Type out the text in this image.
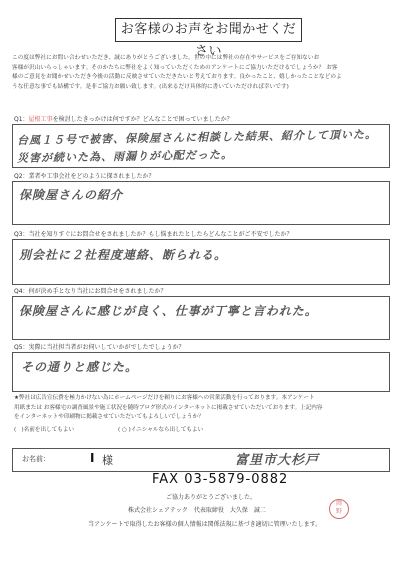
お客様のお声をお聞かせください
この度は弊社にお問い合わせいただき、誠にありがとうございました。世の中には弊社の存在やサービスをご存知ないお
客様が沢山いらっしゃいます。そのかたちに弊社をよく知っていただくためのアンケートにご協力いただけるでしょうか？ お客
様のご意見をお聞かせいただき今後の活動に反映させていただきたいと考えております。良かったこと、嬉しかったことなどのよ
うな任意な事でも結構です。是非ご協力お願い致します。(出来るだけ具体的に書いていただければ幸いです)
Q1：屋根工事を検討したきっかけは何ですか？どんなことで困っていましたか？
台風１５号で被害、保険屋さんに相談した結果、紹介して頂いた。
災害が続いた為、雨漏りが心配だった。
Q2：業者や工事会社をどのように探されましたか？
保険屋さんの紹介
Q3：当社を知りすぐにお問合せをされましたか？もし悩まれたとしたらどんなことがご不安でしたか？
別会社に２社程度連絡、断られる。
Q4：何が決め手となり当社にお問合せをされましたか？
保険屋さんに感じが良く、仕事が丁寧と言われた。
Q5：実際に当社担当者がお伺いしていかがでしたでしょうか？
その通りと感じた。
★弊社は広告宣伝費を極力かけない為にホームページだけを頼りにお客様への営業活動を行っております。本アンケート
用紙または お客様宅の調査風景や施工状況を随時ブログ形式のインターネットに掲載させていただいております。上記内容
をインターネットや印刷物に掲載させていただいてもよろしいでしょうか？
( )名前を出してもよい	( ○ )イニシャルなら出してもよい
お名前：	I 様	富里市大杉戸
FAX 03-5879-0882
ご協力ありがとうございました。
株式会社シェアテック　代表取締役　大久保　誠二
当アンケートで取得したお客様の個人情報は関係法規に基づき適切に管理いたします。
岡
野
